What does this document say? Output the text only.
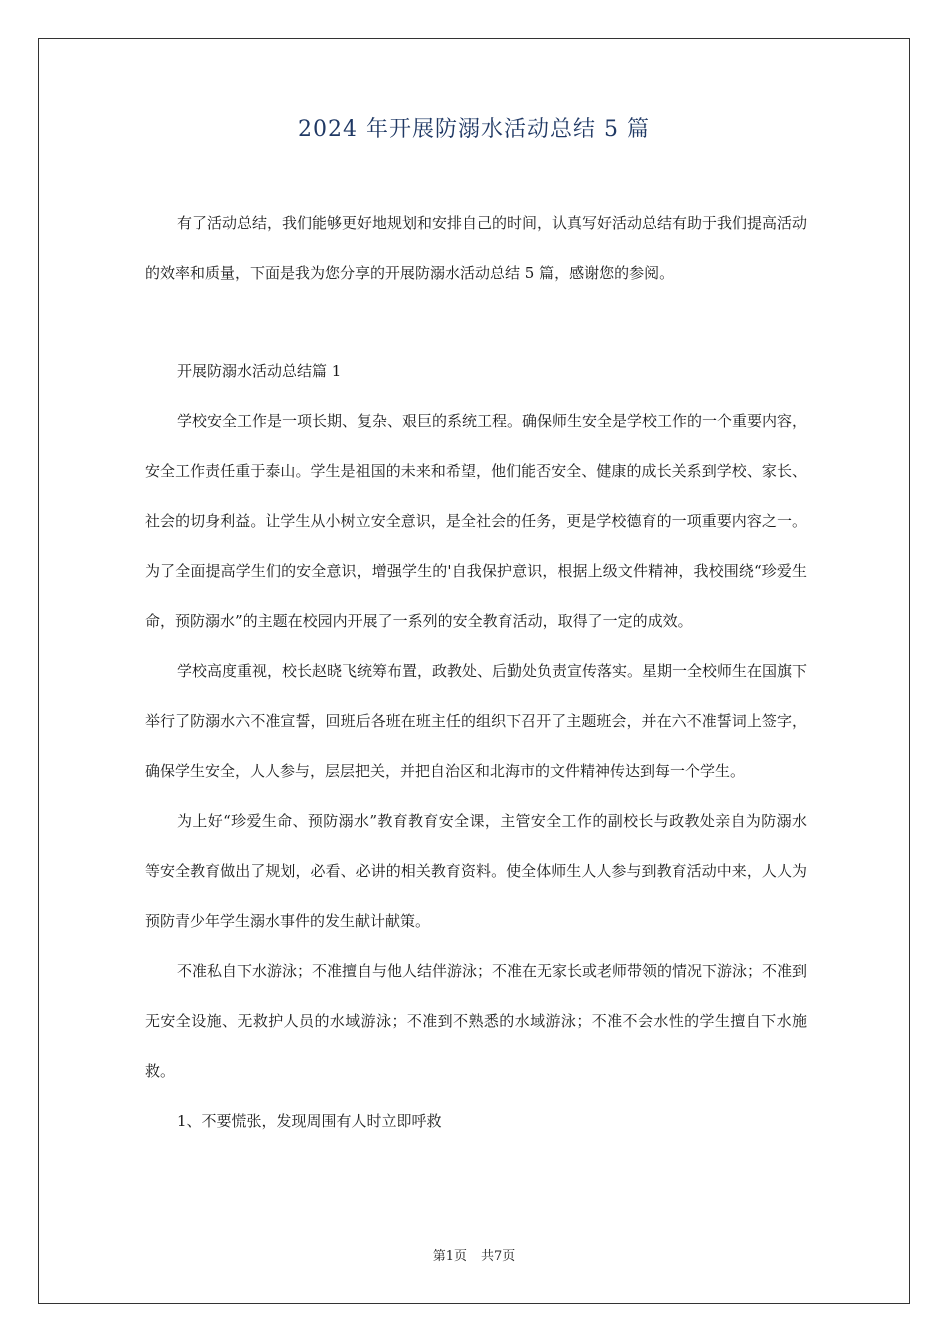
2024 年开展防溺水活动总结 5 篇

有了活动总结，我们能够更好地规划和安排自己的时间，认真写好活动总结有助于我们提高活动的效率和质量，下面是我为您分享的开展防溺水活动总结 5 篇，感谢您的参阅。

开展防溺水活动总结篇 1

学校安全工作是一项长期、复杂、艰巨的系统工程。确保师生安全是学校工作的一个重要内容，安全工作责任重于泰山。学生是祖国的未来和希望，他们能否安全、健康的成长关系到学校、家长、社会的切身利益。让学生从小树立安全意识，是全社会的任务，更是学校德育的一项重要内容之一。为了全面提高学生们的安全意识，增强学生的'自我保护意识，根据上级文件精神，我校围绕“珍爱生命，预防溺水”的主题在校园内开展了一系列的安全教育活动，取得了一定的成效。

学校高度重视，校长赵晓飞统筹布置，政教处、后勤处负责宣传落实。星期一全校师生在国旗下举行了防溺水六不准宣誓，回班后各班在班主任的组织下召开了主题班会，并在六不准誓词上签字，确保学生安全，人人参与，层层把关，并把自治区和北海市的文件精神传达到每一个学生。

为上好“珍爱生命、预防溺水”教育教育安全课，主管安全工作的副校长与政教处亲自为防溺水等安全教育做出了规划，必看、必讲的相关教育资料。使全体师生人人参与到教育活动中来，人人为预防青少年学生溺水事件的发生献计献策。

不准私自下水游泳；不准擅自与他人结伴游泳；不准在无家长或老师带领的情况下游泳；不准到无安全设施、无救护人员的水域游泳；不准到不熟悉的水域游泳；不准不会水性的学生擅自下水施救。

1、不要慌张，发现周围有人时立即呼救

第1页 共7页
